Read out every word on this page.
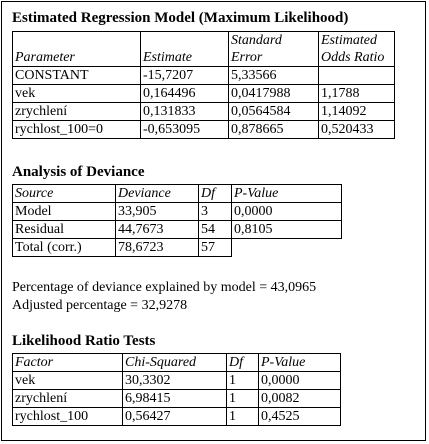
Estimated Regression Model (Maximum Likelihood)
		Standard	Estimated
Parameter	Estimate	Error	Odds Ratio
CONSTANT	-15,7207	5,33566	
vek	0,164496	0,0417988	1,1788
zrychlení	0,131833	0,0564584	1,14092
rychlost_100=0	-0,653095	0,878665	0,520433
Analysis of Deviance
Source	Deviance	Df	P-Value
Model	33,905	3	0,0000
Residual	44,7673	54	0,8105
Total (corr.)	78,6723	57	
Percentage of deviance explained by model = 43,0965
Adjusted percentage = 32,9278
Likelihood Ratio Tests
Factor	Chi-Squared	Df	P-Value
vek	30,3302	1	0,0000
zrychlení	6,98415	1	0,0082
rychlost_100	0,56427	1	0,4525
